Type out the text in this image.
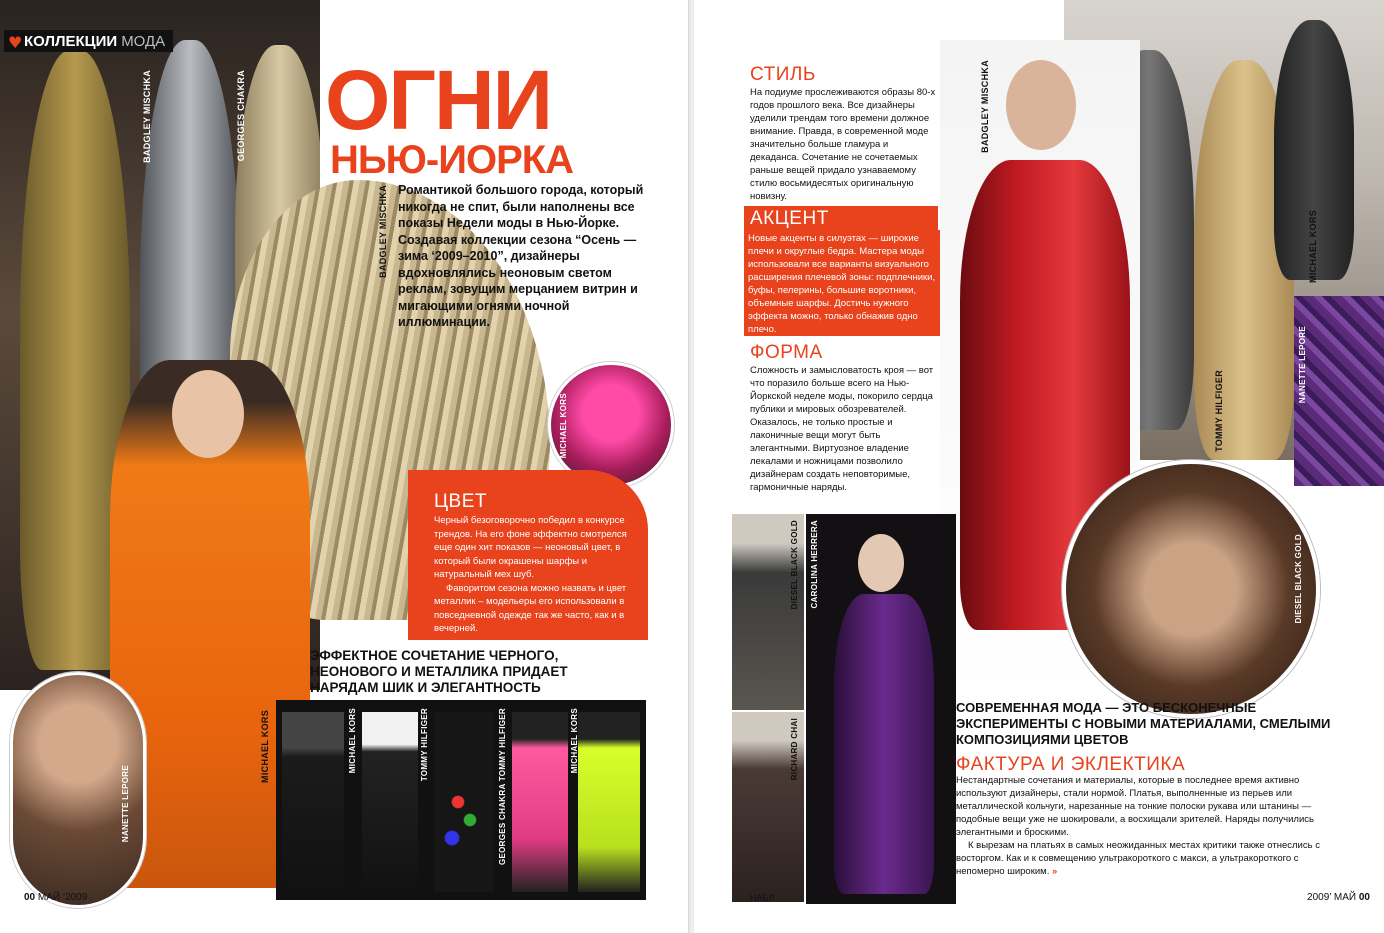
BADGLEY MISCHKA	GEORGES CHAKRA
♥ КОЛЛЕКЦИИ МОДА
ОГНИ
НЬЮ-ИОРКА
BADGLEY MISCHKA Романтикой большого города, который никогда не спит, были наполнены все показы Недели моды в Нью-Йорке. Создавая коллекции сезона “Осень — зима ‘2009–2010”, дизайнеры вдохновлялись неоновым светом реклам, зовущим мерцанием витрин и мигающими огнями ночной иллюминации.
MICHAEL KORS
ЦВЕТ
Черный безоговорочно победил в конкурсе трендов. На его фоне эффектно смотрелся еще один хит показов — неоновый цвет, в который были окрашены шарфы и натуральный мех шуб.
Фаворитом сезона можно назвать и цвет металлик – модельеры его использовали в повседневной одежде так же часто, как и в вечерней.
MICHAEL KORS
ЭФФЕКТНОЕ СОЧЕТАНИЕ ЧЕРНОГО, НЕОНОВОГО И МЕТАЛЛИКА ПРИДАЕТ НАРЯДАМ ШИК И ЭЛЕГАНТНОСТЬ
NANETTE LEPORE
MICHAEL KORS	TOMMY HILFIGER	GEORGES CHAKRA TOMMY HILFIGER	MICHAEL KORS
00 МАЙ ‘2009
MICHAEL KORS
TOMMY HILFIGER
NANETTE LEPORE
BADGLEY MISCHKA
СТИЛЬ
На подиуме прослеживаются образы 80-х годов прошлого века. Все дизайнеры уделили трендам того времени должное внимание. Правда, в современной моде значительно больше гламура и декаданса. Сочетание не сочетаемых раньше вещей придало узнаваемому стилю восьмидесятых оригинальную новизну.
АКЦЕНТ
Новые акценты в силуэтах — широкие плечи и округлые бедра. Мастера моды использовали все варианты визуального расширения плечевой зоны: подплечники, буфы, пелерины, большие воротники, объемные шарфы. Достичь нужного эффекта можно, только обнажив одно плечо.
ФОРМА
Сложность и замысловатость кроя — вот что поразило больше всего на Нью-Йоркской неделе моды, покорило сердца публики и мировых обозревателей. Оказалось, не только простые и лаконичные вещи могут быть элегантными. Виртуозное владение лекалами и ножницами позволило дизайнерам создать неповторимые, гармоничные наряды.
DIESEL BLACK GOLD
RICHARD CHAI
CAROLINA HERRERA	DIESEL BLACK GOLD
СОВРЕМЕННАЯ МОДА — ЭТО БЕСКОНЕЧНЫЕ ЭКСПЕРИМЕНТЫ С НОВЫМИ МАТЕРИАЛАМИ, СМЕЛЫМИ КОМПОЗИЦИЯМИ ЦВЕТОВ
ФАКТУРА И ЭКЛЕКТИКА
Нестандартные сочетания и материалы, которые в последнее время активно используют дизайнеры, стали нормой. Платья, выполненные из перьев или металлической кольчуги, нарезанные на тонкие полоски рукава или штанины — подобные вещи уже не шокировали, а восхищали зрителей. Наряды получились элегантными и броскими.
К вырезам на платьях в самых неожиданных местах критики также отнеслись с восторгом. Как и к совмещению ультракороткого с макси, а ультракороткого с непомерно широким. »
НАБЛ	2009’ МАЙ 00
